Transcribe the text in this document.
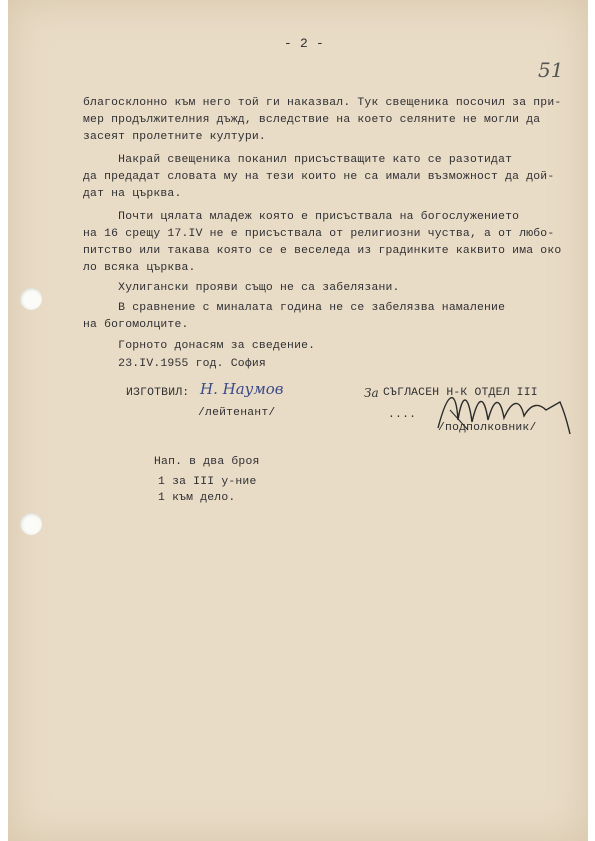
- 2 -
51
благосклонно към него той ги наказвал. Тук свещеника посочил за при-
мер продължителния дъжд, вследствие на което селяните не могли да
засеят пролетните култури.
Накрай свещеника поканил присъстващите като се разотидат
да предадат словата му на тези които не са имали възможност да дой-
дат на църква.
Почти цялата младеж която е присъствала на богослужението
на 16 срещу 17.IV не е присъствала от религиозни чуства, а от любо-
питство или такава която се е веселеда из градинките каквито има око
ло всяка църква.
Хулигански прояви също не са забелязани.
В сравнение с миналата година не се забелязва намаление
на богомолците.
Горното донасям за сведение.
23.IV.1955 год. София
ИЗГОТВИЛ: Н. Наумов
/лейтенант/
За СЪГЛАСЕН Н-К ОТДЕЛ III
....
/подполковник/
Нап. в два броя
1 за III у-ние
1 към дело.
